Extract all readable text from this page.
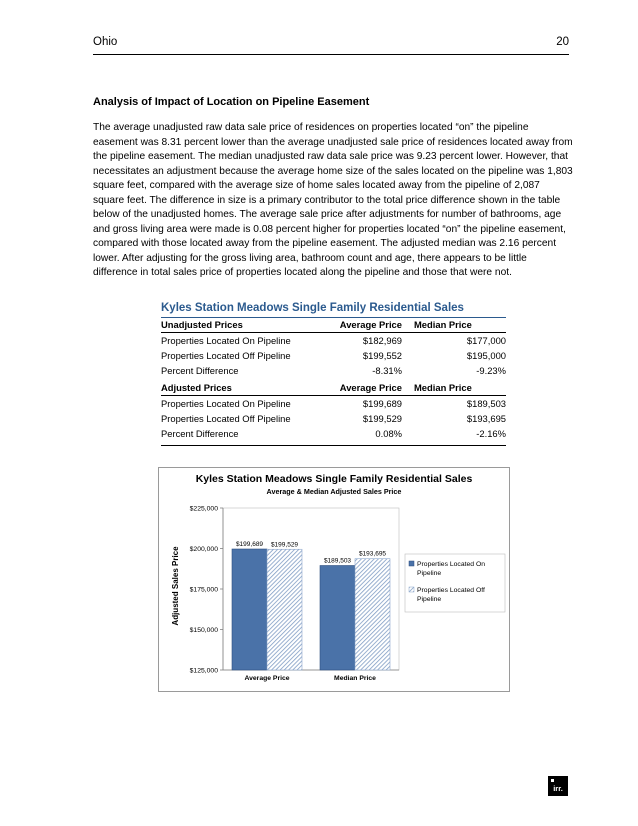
Ohio	20
Analysis of Impact of Location on Pipeline Easement
The average unadjusted raw data sale price of residences on properties located “on” the pipeline easement was 8.31 percent lower than the average unadjusted sale price of residences located away from the pipeline easement. The median unadjusted raw data sale price was 9.23 percent lower. However, that necessitates an adjustment because the average home size of the sales located on the pipeline was 1,803 square feet, compared with the average size of home sales located away from the pipeline of 2,087 square feet. The difference in size is a primary contributor to the total price difference shown in the table below of the unadjusted homes. The average sale price after adjustments for number of bathrooms, age and gross living area were made is 0.08 percent higher for properties located “on” the pipeline easement, compared with those located away from the pipeline easement. The adjusted median was 2.16 percent lower. After adjusting for the gross living area, bathroom count and age, there appears to be little difference in total sales price of properties located along the pipeline and those that were not.
Kyles Station Meadows Single Family Residential Sales
Unadjusted Prices	Average Price	Median Price
Properties Located On Pipeline	$182,969	$177,000
Properties Located Off Pipeline	$199,552	$195,000
Percent Difference	-8.31%	-9.23%
Adjusted Prices	Average Price	Median Price
Properties Located On Pipeline	$199,689	$189,503
Properties Located Off Pipeline	$199,529	$193,695
Percent Difference	0.08%	-2.16%
Kyles Station Meadows Single Family Residential Sales
Average & Median Adjusted Sales Price
Adjusted Sales Price
$125,000
$150,000
$175,000
$200,000
$225,000
Average Price	Median Price
$199,689 $199,529
$189,503
$193,695
Properties Located On Pipeline
Properties Located Off Pipeline
irr.
